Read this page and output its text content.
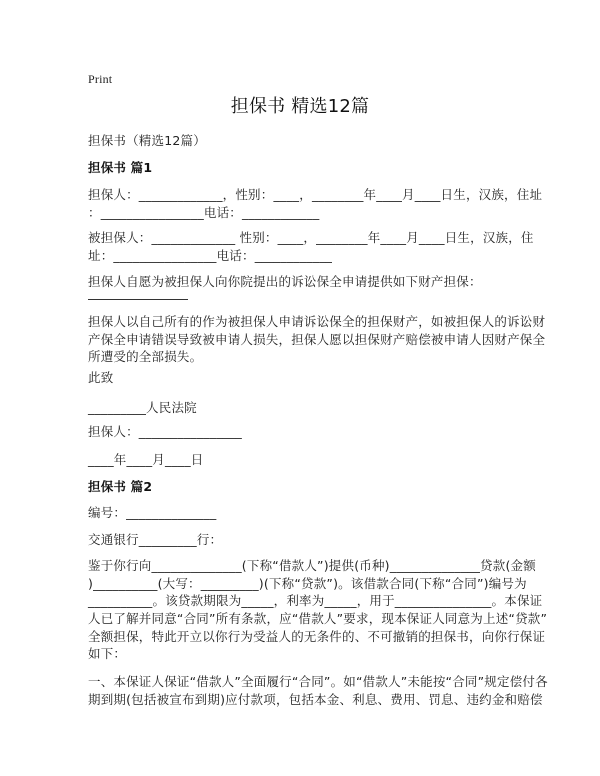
Print
担保书 精选12篇
担保书（精选12篇）
担保书 篇1
担保人：_____________，性别：____，________年____月____日生，汉族，住址
：________________电话：____________
被担保人：_____________ 性别：____，________年____月____日生，汉族，住
址：________________电话：____________
担保人自愿为被担保人向你院提出的诉讼保全申请提供如下财产担保：
担保人以自己所有的作为被担保人申请诉讼保全的担保财产，如被担保人的诉讼财
产保全申请错误导致被申请人损失，担保人愿以担保财产赔偿被申请人因财产保全
所遭受的全部损失。
此致
_________人民法院
担保人：________________
____年____月____日
担保书 篇2
编号：______________
交通银行_________行：
鉴于你行向______________(下称“借款人”)提供(币种)______________贷款(金额
)__________(大写：_________)(下称“贷款”)。该借款合同(下称“合同”)编号为
__________。该贷款期限为_____，利率为_____，用于_______________。本保证
人已了解并同意“合同”所有条款，应“借款人”要求，现本保证人同意为上述“贷款”
全额担保，特此开立以你行为受益人的无条件的、不可撤销的担保书，向你行保证
如下：
一、本保证人保证“借款人”全面履行“合同”。如“借款人”未能按“合同”规定偿付各
期到期(包括被宣布到期)应付款项，包括本金、利息、费用、罚息、违约金和赔偿
